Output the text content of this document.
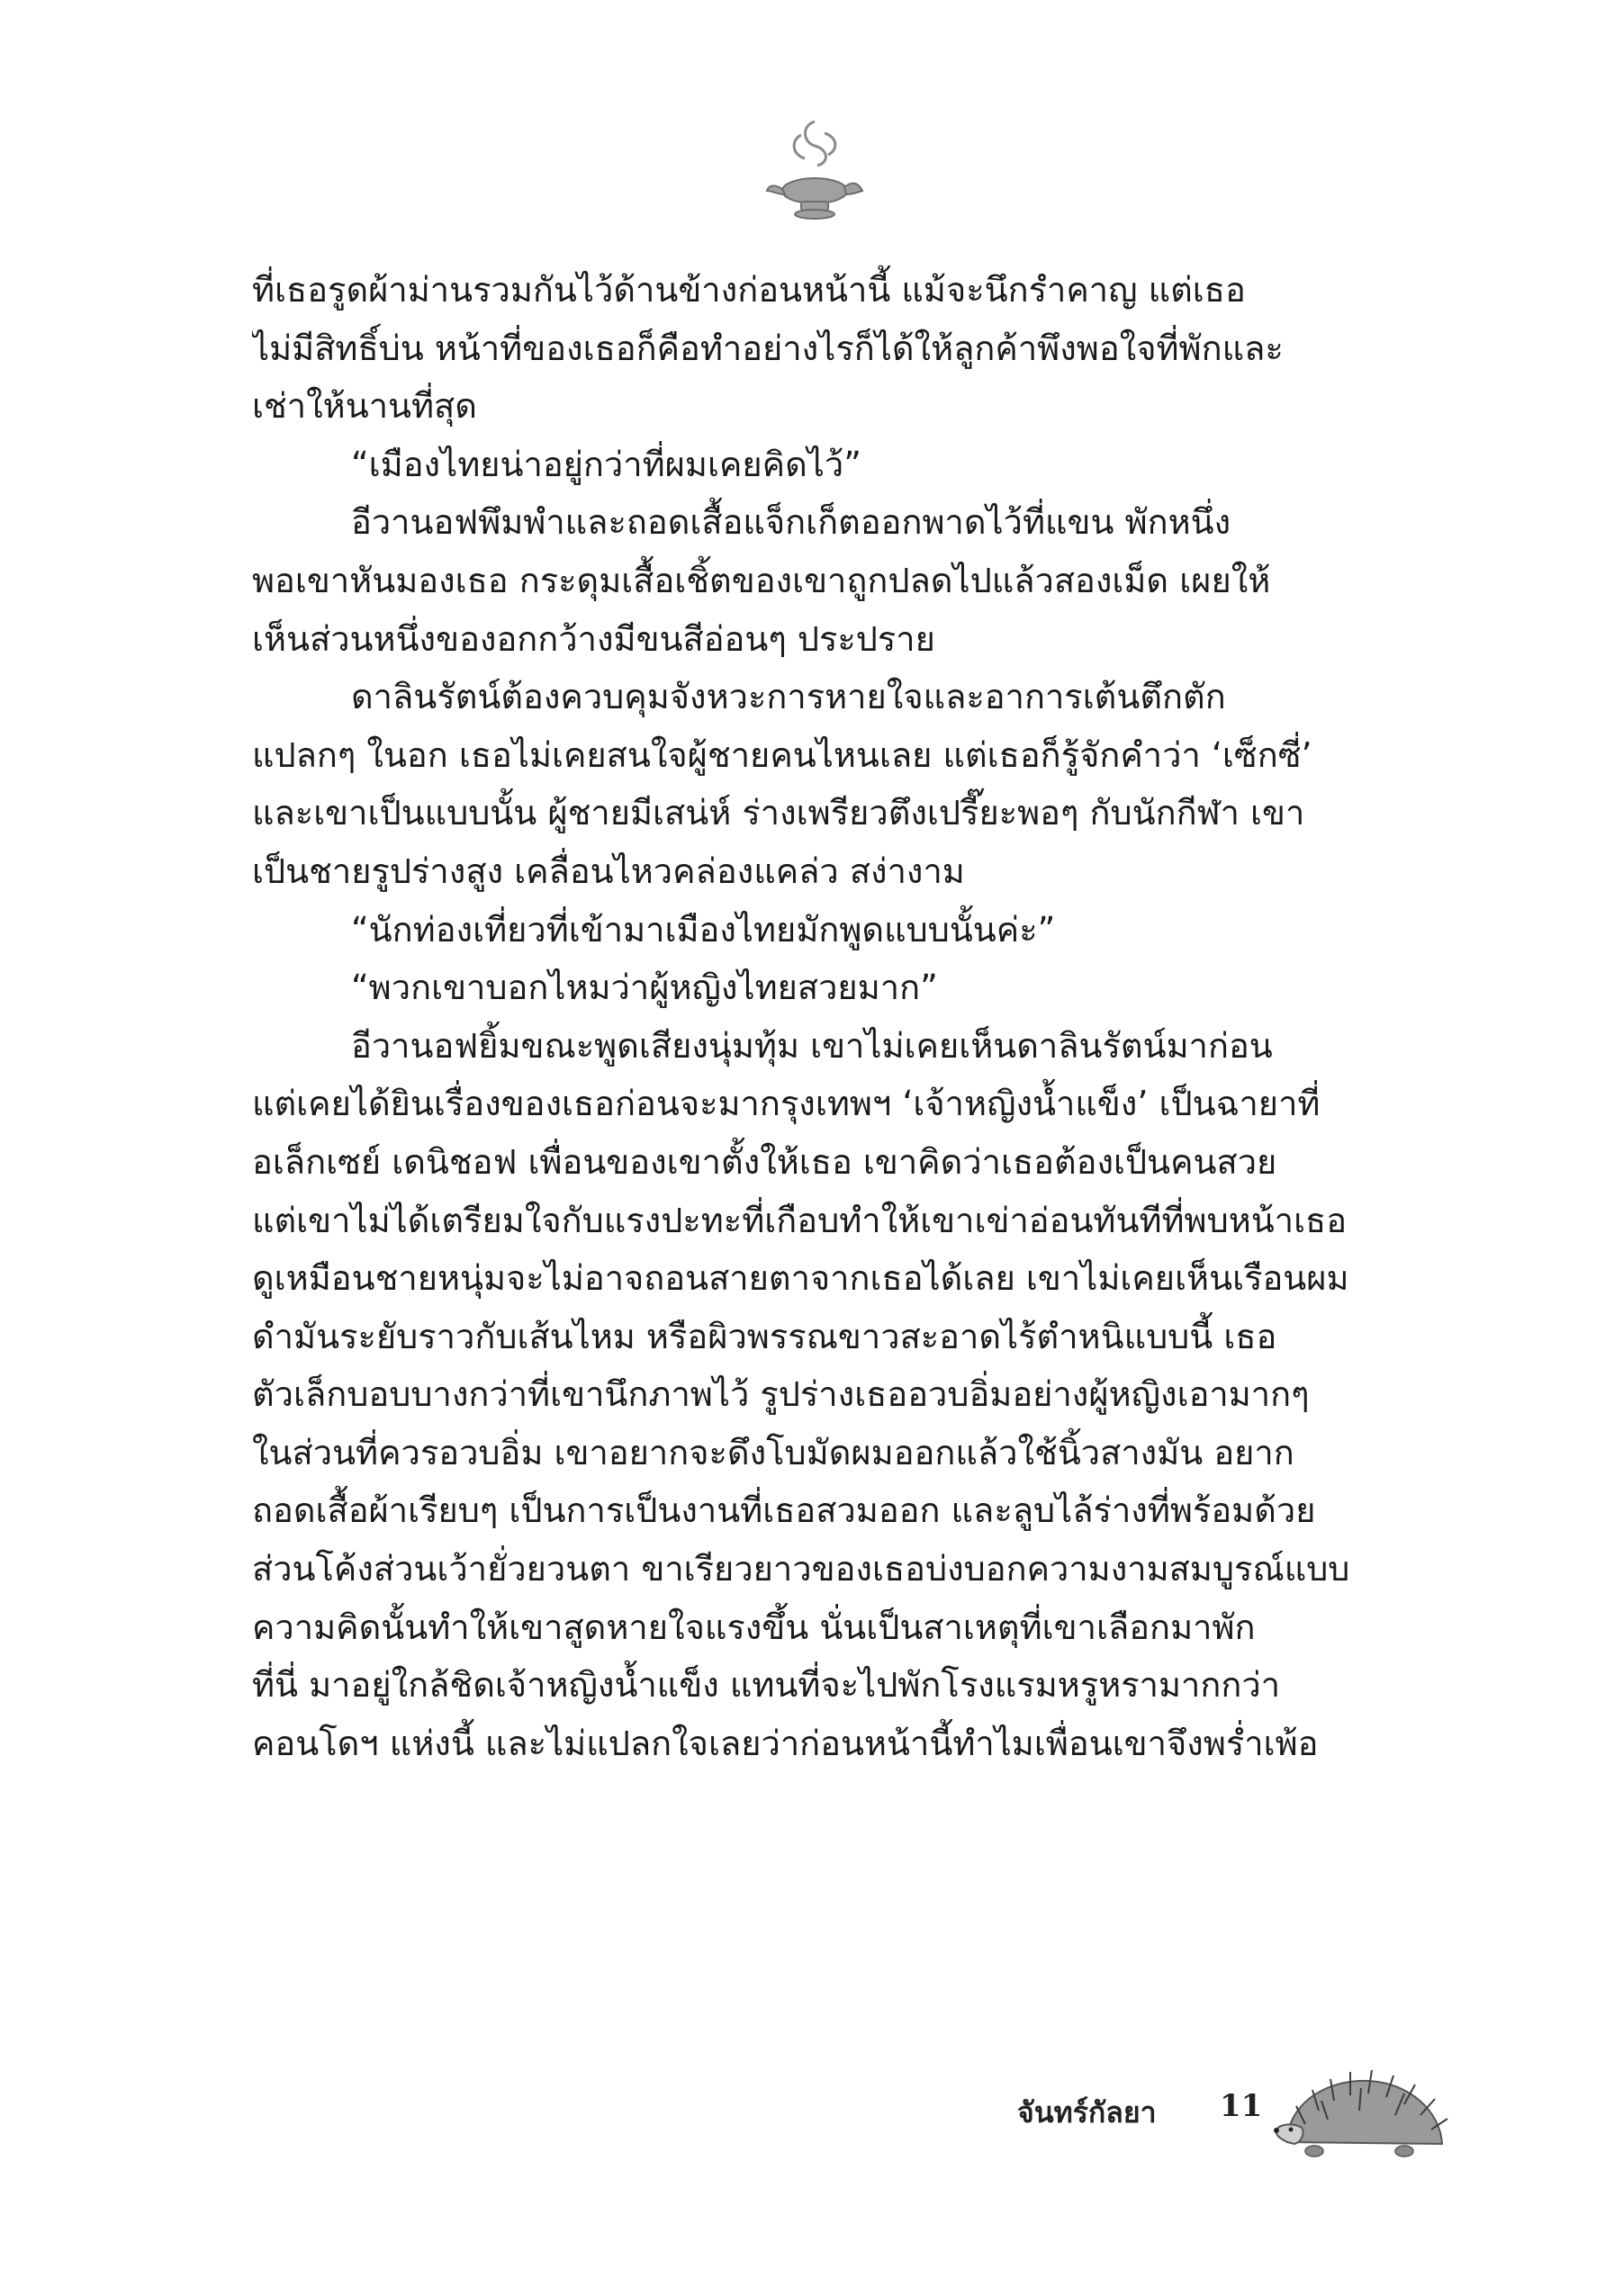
ที่เธอรูดผ้าม่านรวมกันไว้ด้านข้างก่อนหน้านี้ แม้จะนึกรำคาญ แต่เธอ
ไม่มีสิทธิ์บ่น หน้าที่ของเธอก็คือทำอย่างไรก็ได้ให้ลูกค้าพึงพอใจที่พักและ
เช่าให้นานที่สุด
“เมืองไทยน่าอยู่กว่าที่ผมเคยคิดไว้”
อีวานอฟพึมพำและถอดเสื้อแจ็กเก็ตออกพาดไว้ที่แขน พักหนึ่ง
พอเขาหันมองเธอ กระดุมเสื้อเชิ้ตของเขาถูกปลดไปแล้วสองเม็ด เผยให้
เห็นส่วนหนึ่งของอกกว้างมีขนสีอ่อนๆ ประปราย
ดาลินรัตน์ต้องควบคุมจังหวะการหายใจและอาการเต้นตึกตัก
แปลกๆ ในอก เธอไม่เคยสนใจผู้ชายคนไหนเลย แต่เธอก็รู้จักคำว่า ‘เซ็กซี่’
และเขาเป็นแบบนั้น ผู้ชายมีเสน่ห์ ร่างเพรียวตึงเปรี๊ยะพอๆ กับนักกีฬา เขา
เป็นชายรูปร่างสูง เคลื่อนไหวคล่องแคล่ว สง่างาม
“นักท่องเที่ยวที่เข้ามาเมืองไทยมักพูดแบบนั้นค่ะ”
“พวกเขาบอกไหมว่าผู้หญิงไทยสวยมาก”
อีวานอฟยิ้มขณะพูดเสียงนุ่มทุ้ม เขาไม่เคยเห็นดาลินรัตน์มาก่อน
แต่เคยได้ยินเรื่องของเธอก่อนจะมากรุงเทพฯ ‘เจ้าหญิงน้ำแข็ง’ เป็นฉายาที่
อเล็กเซย์ เดนิชอฟ เพื่อนของเขาตั้งให้เธอ เขาคิดว่าเธอต้องเป็นคนสวย
แต่เขาไม่ได้เตรียมใจกับแรงปะทะที่เกือบทำให้เขาเข่าอ่อนทันทีที่พบหน้าเธอ
ดูเหมือนชายหนุ่มจะไม่อาจถอนสายตาจากเธอได้เลย เขาไม่เคยเห็นเรือนผม
ดำมันระยับราวกับเส้นไหม หรือผิวพรรณขาวสะอาดไร้ตำหนิแบบนี้ เธอ
ตัวเล็กบอบบางกว่าที่เขานึกภาพไว้ รูปร่างเธออวบอิ่มอย่างผู้หญิงเอามากๆ
ในส่วนที่ควรอวบอิ่ม เขาอยากจะดึงโบมัดผมออกแล้วใช้นิ้วสางมัน อยาก
ถอดเสื้อผ้าเรียบๆ เป็นการเป็นงานที่เธอสวมออก และลูบไล้ร่างที่พร้อมด้วย
ส่วนโค้งส่วนเว้ายั่วยวนตา ขาเรียวยาวของเธอบ่งบอกความงามสมบูรณ์แบบ
ความคิดนั้นทำให้เขาสูดหายใจแรงขึ้น นั่นเป็นสาเหตุที่เขาเลือกมาพัก
ที่นี่ มาอยู่ใกล้ชิดเจ้าหญิงน้ำแข็ง แทนที่จะไปพักโรงแรมหรูหรามากกว่า
คอนโดฯ แห่งนี้ และไม่แปลกใจเลยว่าก่อนหน้านี้ทำไมเพื่อนเขาจึงพร่ำเพ้อ
จันทร์กัลยา 11
